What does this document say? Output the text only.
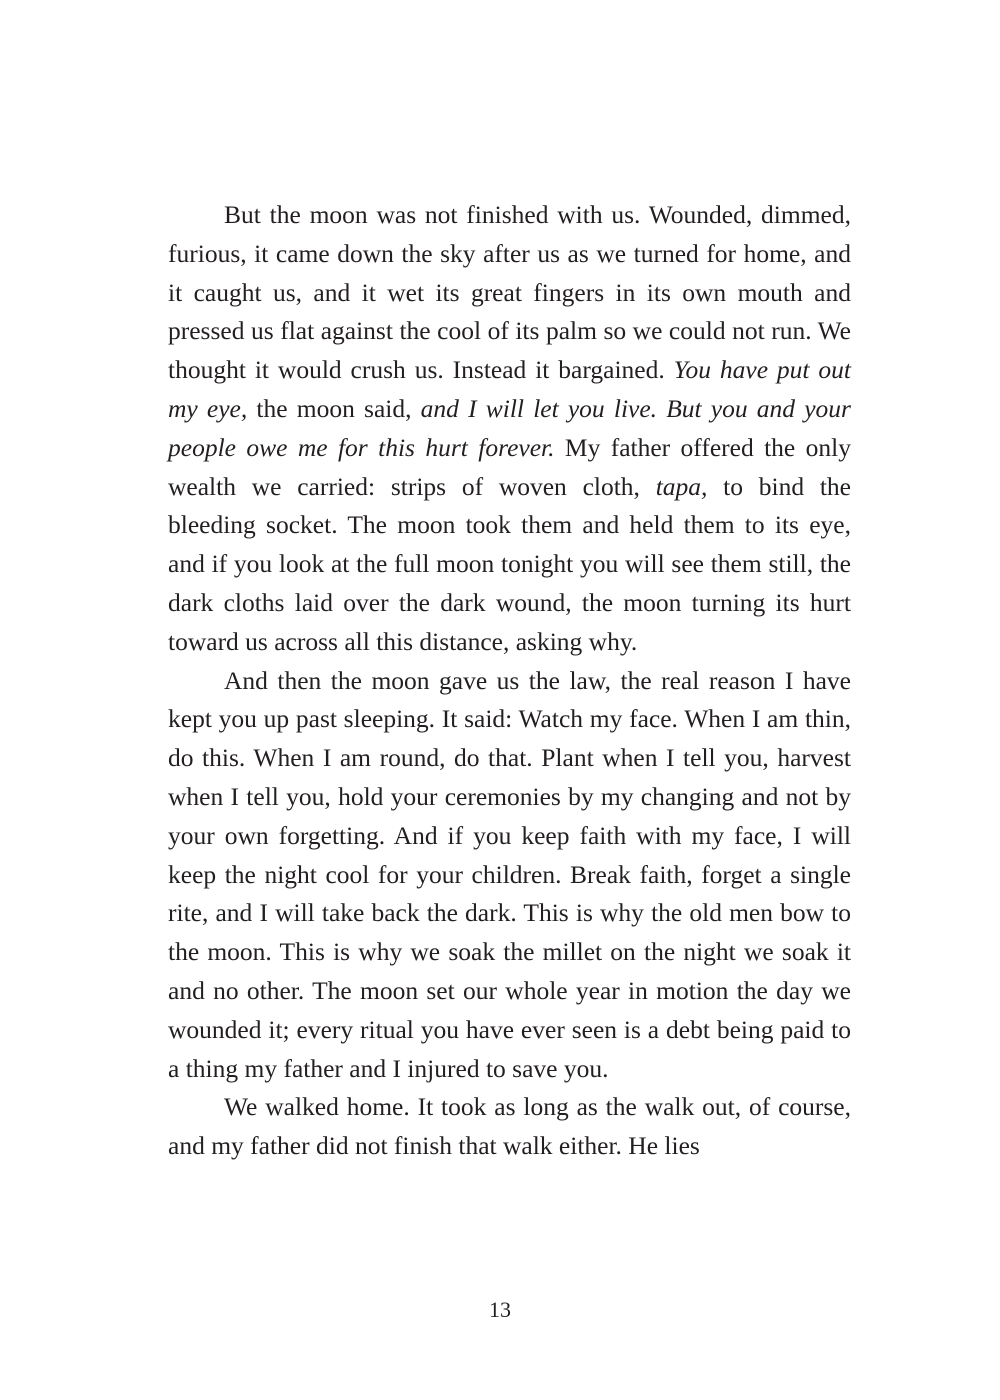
But the moon was not finished with us. Wounded, dimmed, furious, it came down the sky after us as we turned for home, and it caught us, and it wet its great fingers in its own mouth and pressed us flat against the cool of its palm so we could not run. We thought it would crush us. Instead it bargained. You have put out my eye, the moon said, and I will let you live. But you and your people owe me for this hurt forever. My father offered the only wealth we carried: strips of woven cloth, tapa, to bind the bleeding socket. The moon took them and held them to its eye, and if you look at the full moon tonight you will see them still, the dark cloths laid over the dark wound, the moon turning its hurt toward us across all this distance, asking why.

And then the moon gave us the law, the real reason I have kept you up past sleeping. It said: Watch my face. When I am thin, do this. When I am round, do that. Plant when I tell you, harvest when I tell you, hold your ceremonies by my changing and not by your own forgetting. And if you keep faith with my face, I will keep the night cool for your children. Break faith, forget a single rite, and I will take back the dark. This is why the old men bow to the moon. This is why we soak the millet on the night we soak it and no other. The moon set our whole year in motion the day we wounded it; every ritual you have ever seen is a debt being paid to a thing my father and I injured to save you.

We walked home. It took as long as the walk out, of course, and my father did not finish that walk either. He lies

13
